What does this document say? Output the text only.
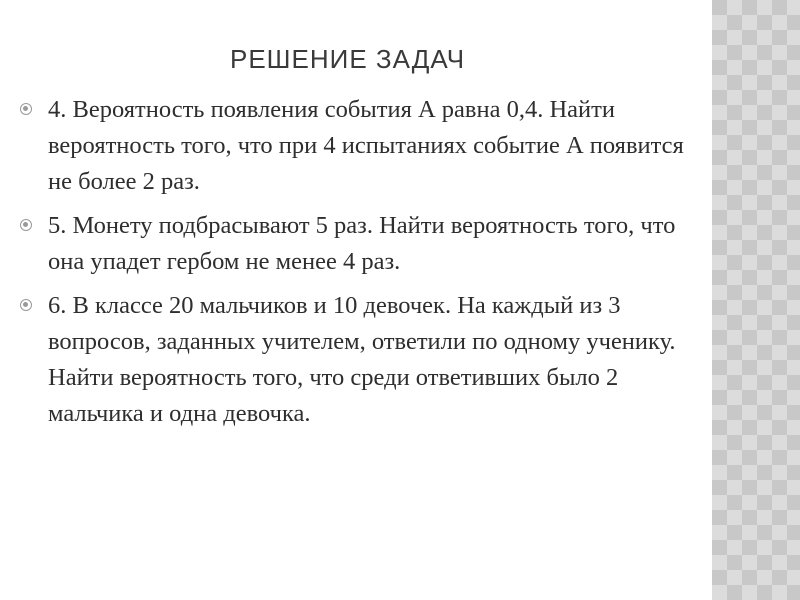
РЕШЕНИЕ ЗАДАЧ
4. Вероятность появления события А равна 0,4. Найти вероятность того, что при 4 испытаниях событие А появится не более 2 раз.
5. Монету подбрасывают 5 раз. Найти вероятность того, что она упадет гербом не менее 4 раз.
6. В классе 20 мальчиков и 10 девочек. На каждый из 3 вопросов, заданных учителем, ответили по одному ученику. Найти вероятность того, что среди ответивших было 2 мальчика и одна девочка.
